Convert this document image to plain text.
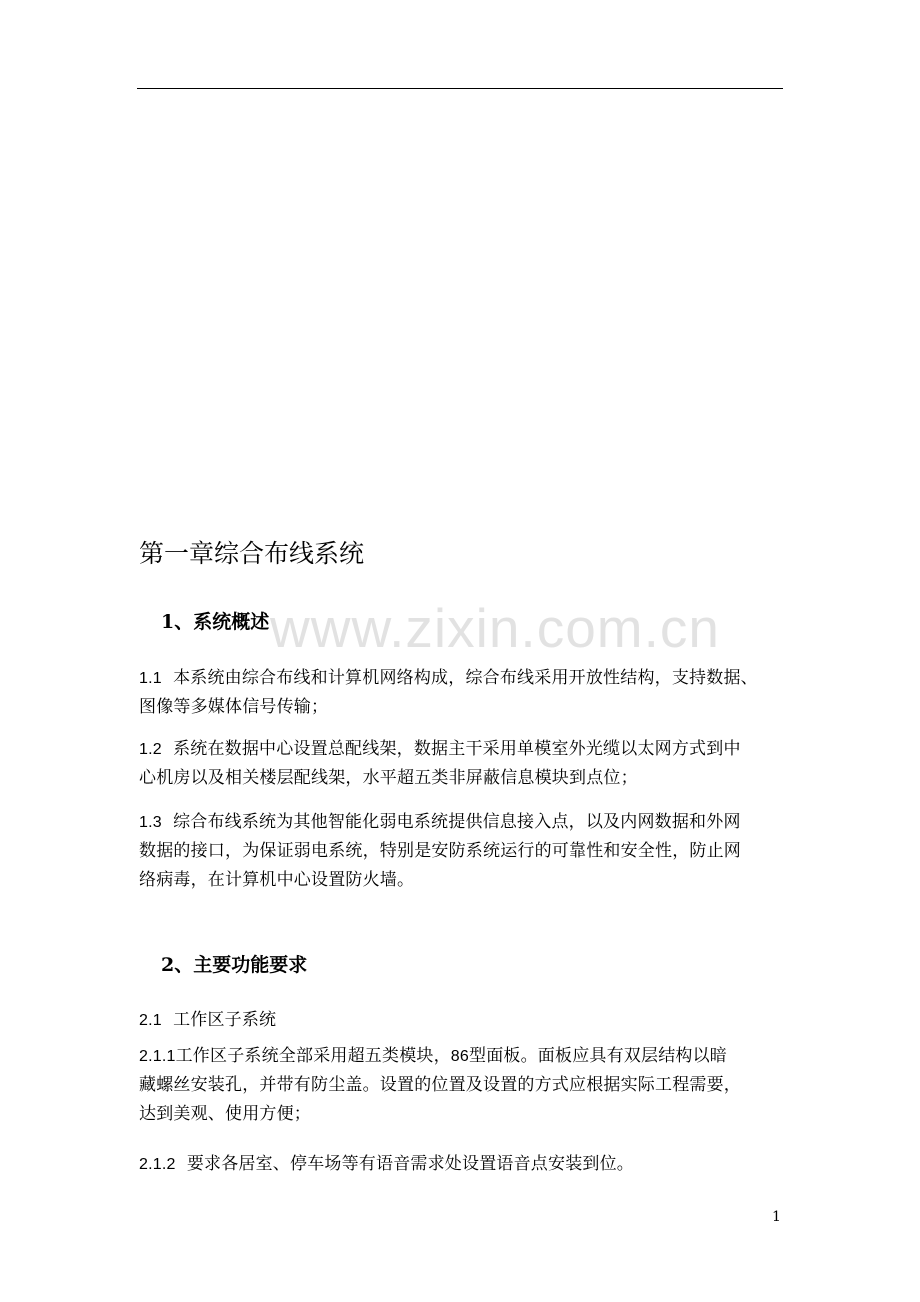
www.zixin.com.cn
第一章综合布线系统
1、系统概述
1.1 本系统由综合布线和计算机网络构成，综合布线采用开放性结构，支持数据、
图像等多媒体信号传输；
1.2 系统在数据中心设置总配线架，数据主干采用单模室外光缆以太网方式到中
心机房以及相关楼层配线架，水平超五类非屏蔽信息模块到点位；
1.3 综合布线系统为其他智能化弱电系统提供信息接入点，以及内网数据和外网
数据的接口，为保证弱电系统，特别是安防系统运行的可靠性和安全性，防止网
络病毒，在计算机中心设置防火墙。
2、主要功能要求
2.1 工作区子系统
2.1.1工作区子系统全部采用超五类模块，86型面板。面板应具有双层结构以暗
藏螺丝安装孔，并带有防尘盖。设置的位置及设置的方式应根据实际工程需要，
达到美观、使用方便；
2.1.2 要求各居室、停车场等有语音需求处设置语音点安装到位。
1
